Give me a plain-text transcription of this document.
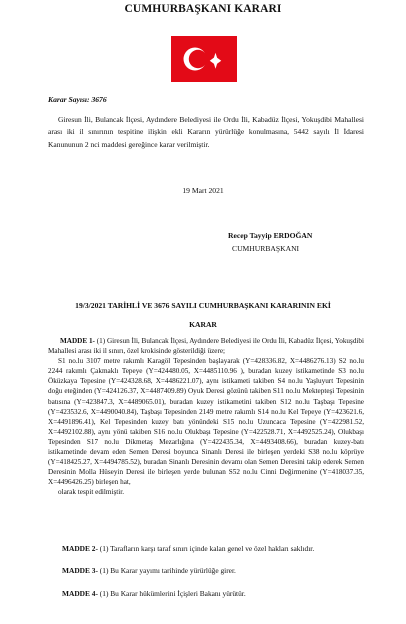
CUMHURBAŞKANI KARARI
Karar Sayısı: 3676

Giresun İli, Bulancak İlçesi, Aydındere Belediyesi ile Ordu İli, Kabadüz İlçesi, Yokuşdibi Mahallesi arası iki il sınırının tespitine ilişkin ekli Kararın yürürlüğe konulmasına, 5442 sayılı İl İdaresi Kanununun 2 nci maddesi gereğince karar verilmiştir.

19 Mart 2021
Recep Tayyip ERDOĞAN
CUMHURBAŞKANI
19/3/2021 TARİHLİ VE 3676 SAYILI CUMHURBAŞKANI KARARININ EKİ
KARAR

MADDE 1- (1) Giresun İli, Bulancak İlçesi, Aydındere Belediyesi ile Ordu İli, Kabadüz İlçesi, Yokuşdibi Mahallesi arası iki il sınırı, özel krokisinde gösterildiği üzere;

S1 no.lu 3107 metre rakımlı Karagöl Tepesinden başlayarak (Y=428336.82, X=4486276.13) S2 no.lu 2244 rakımlı Çakmaklı Tepeye (Y=424480.05, X=4485110.96 ), buradan kuzey istikametinde S3 no.lu Öküzkaya Tepesine (Y=424328.68, X=4486221.07), aynı istikameti takiben S4 no.lu Yaşluyurt Tepesinin doğu eteğinden (Y=424126.37, X=4487409.89) Oyuk Deresi gözünü takiben S11 no.lu Mektepteşi Tepesinin batısına (Y=423847.3, X=4489065.01), buradan kuzey istikametini takiben S12 no.lu Taşbaşı Tepesine (Y=423532.6, X=4490040.84), Taşbaşı Tepesinden 2149 metre rakımlı S14 no.lu Kel Tepeye (Y=423621.6, X=4491896.41), Kel Tepesinden kuzey batı yönündeki S15 no.lu Uzuncaca Tepesine (Y=422981.52, X=4492102.88), aynı yönü takiben S16 no.lu Olukbaşı Tepesine (Y=422528.71, X=4492525.24), Olukbaşı Tepesinden S17 no.lu Dikmetaş Mezarlığına (Y=422435.34, X=4493408.66), buradan kuzey-batı istikametinde devam eden Semen Deresi boyunca Sinanlı Deresi ile birleşen yerdeki S38 no.lu köprüye (Y=418425.27, X=4494785.52), buradan Sinanlı Deresinin devamı olan Semen Deresini takip ederek Semen Deresinin Molla Hüseyin Deresi ile birleşen yerde bulunan S52 no.lu Cinni Değirmenine (Y=418037.35, X=4496426.25) birleşen hat,

olarak tespit edilmiştir.

MADDE 2- (1) Tarafların karşı taraf sınırı içinde kalan genel ve özel hakları saklıdır.
MADDE 3- (1) Bu Karar yayımı tarihinde yürürlüğe girer.
MADDE 4- (1) Bu Karar hükümlerini İçişleri Bakanı yürütür.
